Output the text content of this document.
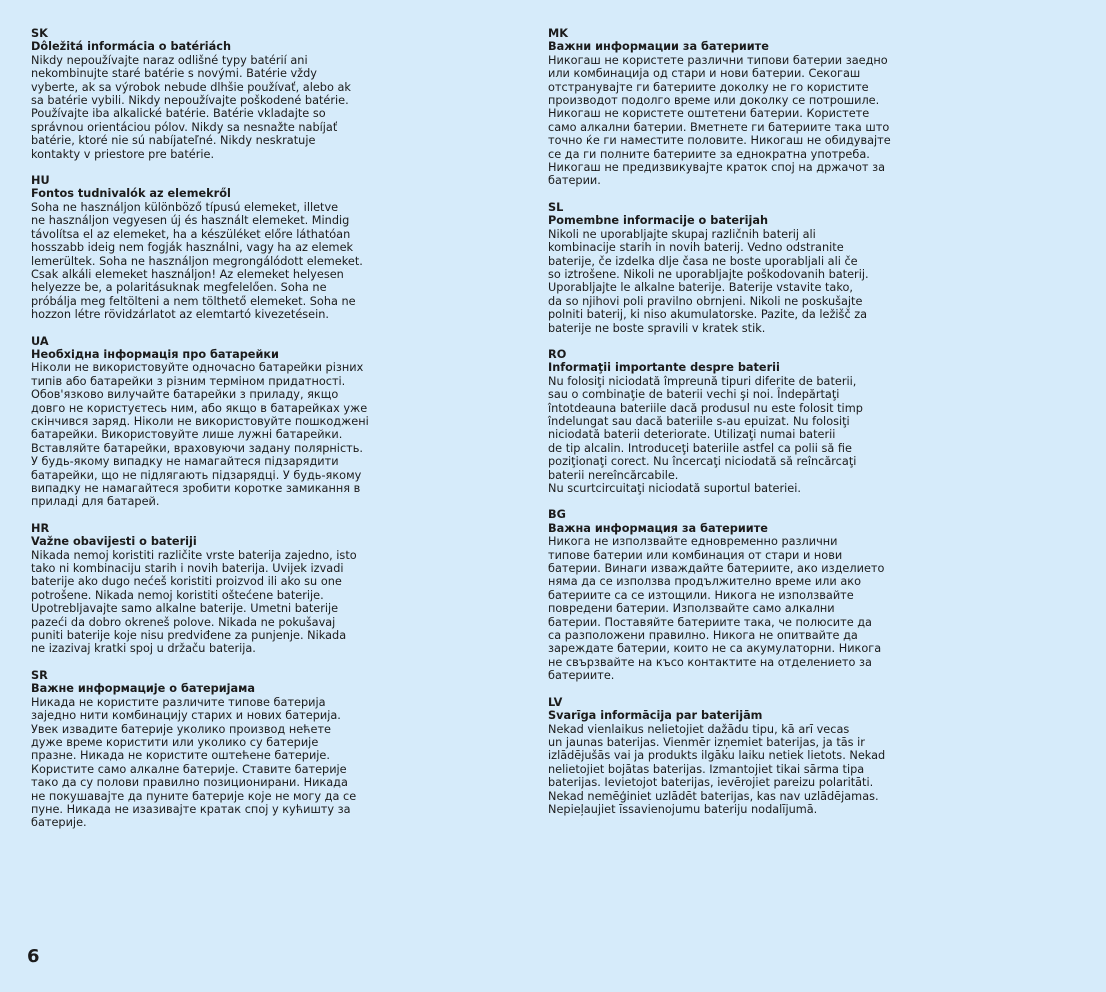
SK
Dôležitá informácia o batériách
Nikdy nepoužívajte naraz odlišné typy batérií ani
nekombinujte staré batérie s novými. Batérie vždy
vyberte, ak sa výrobok nebude dlhšie používať, alebo ak
sa batérie vybili. Nikdy nepoužívajte poškodené batérie.
Používajte iba alkalické batérie. Batérie vkladajte so
správnou orientáciou pólov. Nikdy sa nesnažte nabíjať
batérie, ktoré nie sú nabíjateľné. Nikdy neskratuje
kontakty v priestore pre batérie.
HU
Fontos tudnivalók az elemekről
Soha ne használjon különböző típusú elemeket, illetve
ne használjon vegyesen új és használt elemeket. Mindig
távolítsa el az elemeket, ha a készüléket előre láthatóan
hosszabb ideig nem fogják használni, vagy ha az elemek
lemerültek. Soha ne használjon megrongálódott elemeket.
Csak alkáli elemeket használjon! Az elemeket helyesen
helyezze be, a polaritásuknak megfelelően. Soha ne
próbálja meg feltölteni a nem tölthető elemeket. Soha ne
hozzon létre rövidzárlatot az elemtartó kivezetésein.
UA
Необхідна інформація про батарейки
Ніколи не використовуйте одночасно батарейки різних
типів або батарейки з різним терміном придатності.
Обов'язково вилучайте батарейки з приладу, якщо
довго не користуєтесь ним, або якщо в батарейках уже
скінчився заряд. Ніколи не використовуйте пошкоджені
батарейки. Використовуйте лише лужні батарейки.
Вставляйте батарейки, враховуючи задану полярність.
У будь-якому випадку не намагайтеся підзарядити
батарейки, що не підлягають підзарядці. У будь-якому
випадку не намагайтеся зробити коротке замикання в
приладі для батарей.
HR
Važne obavijesti o bateriji
Nikada nemoj koristiti različite vrste baterija zajedno, isto
tako ni kombinaciju starih i novih baterija. Uvijek izvadi
baterije ako dugo nećeš koristiti proizvod ili ako su one
potrošene. Nikada nemoj koristiti oštećene baterije.
Upotrebljavajte samo alkalne baterije. Umetni baterije
pazeći da dobro okreneš polove. Nikada ne pokušavaj
puniti baterije koje nisu predviđene za punjenje. Nikada
ne izazivaj kratki spoj u držaču baterija.
SR
Важне информације о батеријама
Никада не користите различите типове батерија
заједно нити комбинацију старих и нових батерија.
Увек извадите батерије уколико производ нећете
дуже време користити или уколико су батерије
празне. Никада не користите оштећене батерије.
Користите само алкалне батерије. Ставите батерије
тако да су полови правилно позиционирани. Никада
не покушавајте да пуните батерије које не могу да се
пуне. Никада не изазивајте кратак спој у кућишту за
батерије.
MK
Важни информации за батериите
Никогаш не користете различни типови батерии заедно
или комбинација од стари и нови батерии. Секогаш
отстранувајте ги батериите доколку не го користите
производот подолго време или доколку се потрошиле.
Никогаш не користете оштетени батерии. Користете
само алкални батерии. Вметнете ги батериите така што
точно ќе ги наместите половите. Никогаш не обидувајте
се да ги полните батериите за еднократна употреба.
Никогаш не предизвикувајте краток спој на држачот за
батерии.
SL
Pomembne informacije o baterijah
Nikoli ne uporabljajte skupaj različnih baterij ali
kombinacije starih in novih baterij. Vedno odstranite
baterije, če izdelka dlje časa ne boste uporabljali ali če
so iztrošene. Nikoli ne uporabljajte poškodovanih baterij.
Uporabljajte le alkalne baterije. Baterije vstavite tako,
da so njihovi poli pravilno obrnjeni. Nikoli ne poskušajte
polniti baterij, ki niso akumulatorske. Pazite, da ležišč za
baterije ne boste spravili v kratek stik.
RO
Informaţii importante despre baterii
Nu folosiţi niciodată împreună tipuri diferite de baterii,
sau o combinaţie de baterii vechi şi noi. Îndepărtaţi
întotdeauna bateriile dacă produsul nu este folosit timp
îndelungat sau dacă bateriile s-au epuizat. Nu folosiţi
niciodată baterii deteriorate. Utilizaţi numai baterii
de tip alcalin. Introduceţi bateriile astfel ca polii să fie
poziţionaţi corect. Nu încercaţi niciodată să reîncărcaţi
baterii nereîncărcabile.
Nu scurtcircuitaţi niciodată suportul bateriei.
BG
Важна информация за батериите
Никога не използвайте едновременно различни
типове батерии или комбинация от стари и нови
батерии. Винаги изваждайте батериите, ако изделието
няма да се използва продължително време или ако
батериите са се изтощили. Никога не използвайте
повредени батерии. Използвайте само алкални
батерии. Поставяйте батериите така, че полюсите да
са разположени правилно. Никога не опитвайте да
зареждате батерии, които не са акумулаторни. Никога
не свързвайте на късо контактите на отделението за
батериите.
LV
Svarīga informācija par baterijām
Nekad vienlaikus nelietojiet dažādu tipu, kā arī vecas
un jaunas baterijas. Vienmēr izņemiet baterijas, ja tās ir
izlādējušās vai ja produkts ilgāku laiku netiek lietots. Nekad
nelietojiet bojātas baterijas. Izmantojiet tikai sārma tipa
baterijas. Ievietojot baterijas, ievērojiet pareizu polaritāti.
Nekad nemēģiniet uzlādēt baterijas, kas nav uzlādējamas.
Nepieļaujiet īssavienojumu bateriju nodalījumā.
6
